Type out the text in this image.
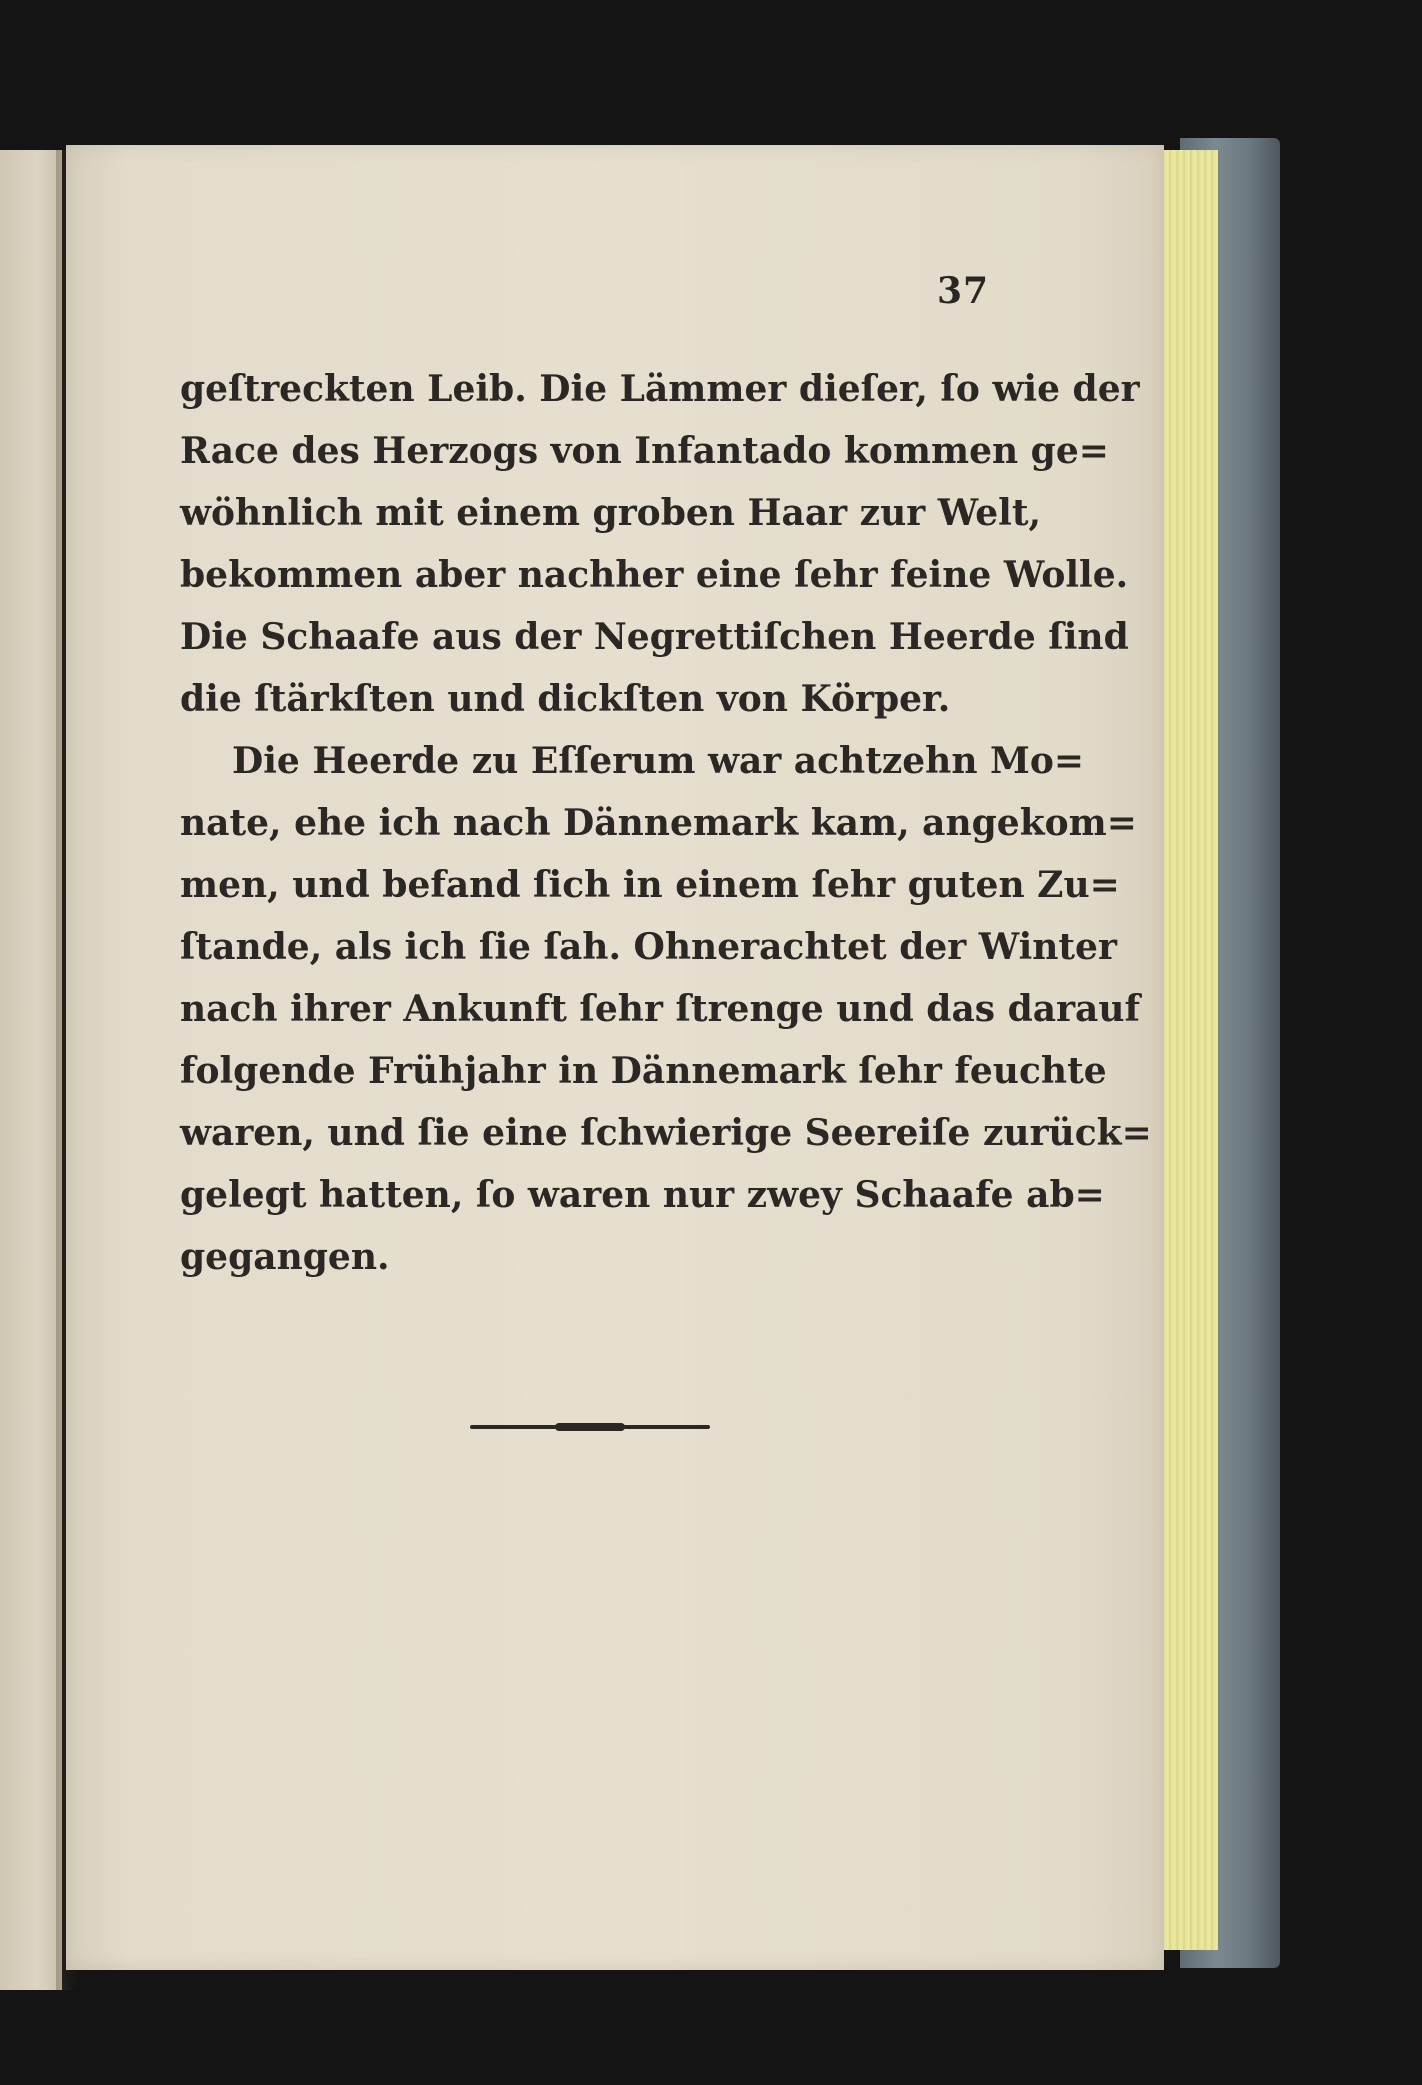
37
geſtreckten Leib. Die Lämmer dieſer, ſo wie der
Race des Herzogs von Infantado kommen ge=
wöhnlich mit einem groben Haar zur Welt,
bekommen aber nachher eine ſehr feine Wolle.
Die Schaafe aus der Negrettiſchen Heerde ſind
die ſtärkſten und dickſten von Körper.
Die Heerde zu Eſſerum war achtzehn Mo=
nate, ehe ich nach Dännemark kam, angekom=
men, und befand ſich in einem ſehr guten Zu=
ſtande, als ich ſie ſah. Ohnerachtet der Winter
nach ihrer Ankunft ſehr ſtrenge und das darauf
folgende Frühjahr in Dännemark ſehr feuchte
waren, und ſie eine ſchwierige Seereiſe zurück=
gelegt hatten, ſo waren nur zwey Schaafe ab=
gegangen.
